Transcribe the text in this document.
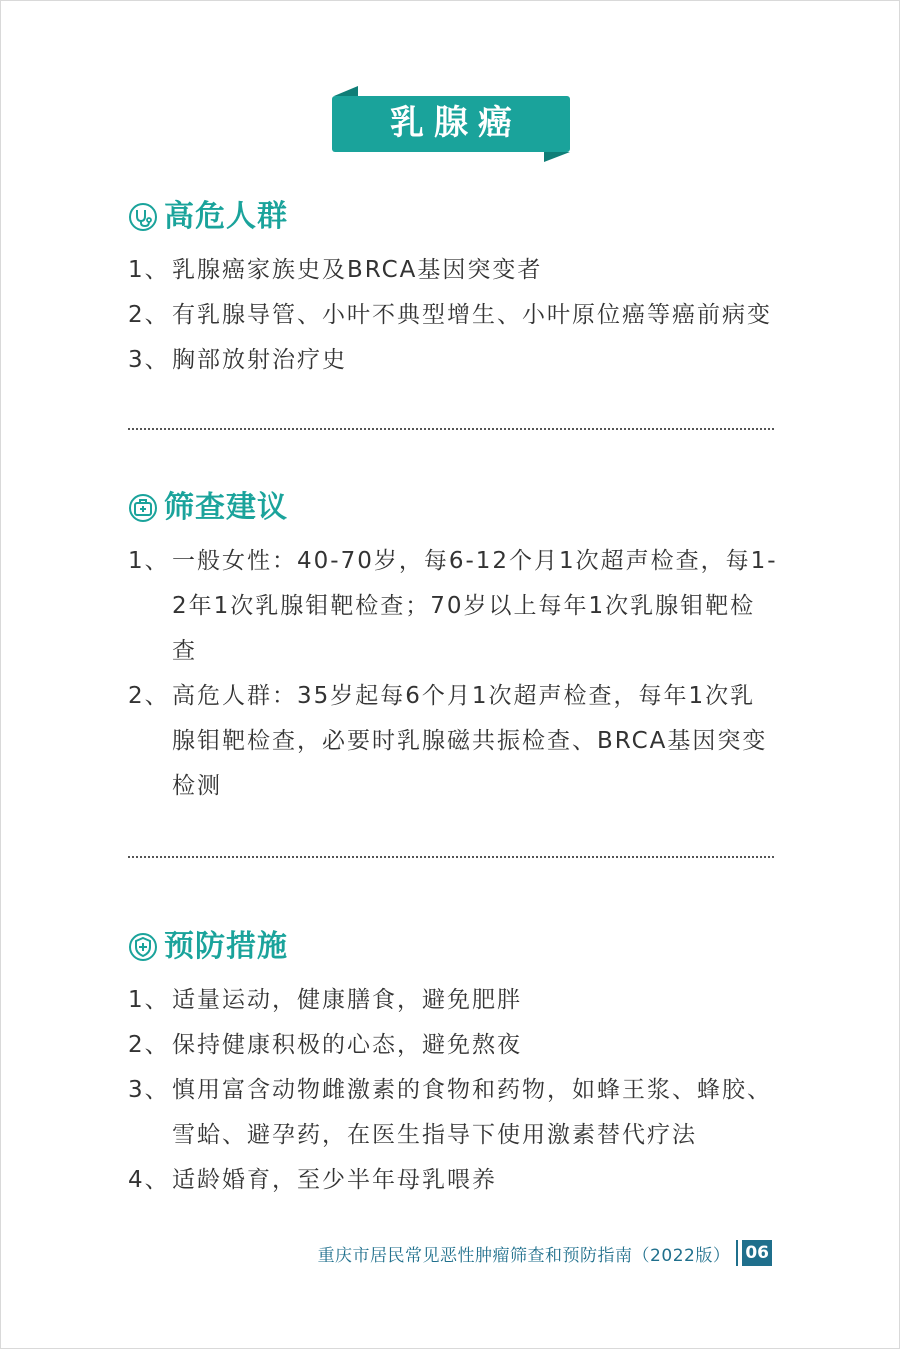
乳腺癌
高危人群
1、 乳腺癌家族史及BRCA基因突变者
2、 有乳腺导管、小叶不典型增生、小叶原位癌等癌前病变
3、 胸部放射治疗史
筛查建议
1、 一般女性：40-70岁，每6-12个月1次超声检查，每1-2年1次乳腺钼靶检查；70岁以上每年1次乳腺钼靶检查
2、 高危人群：35岁起每6个月1次超声检查，每年1次乳腺钼靶检查，必要时乳腺磁共振检查、BRCA基因突变检测
预防措施
1、 适量运动，健康膳食，避免肥胖
2、 保持健康积极的心态，避免熬夜
3、 慎用富含动物雌激素的食物和药物，如蜂王浆、蜂胶、雪蛤、避孕药，在医生指导下使用激素替代疗法
4、 适龄婚育，至少半年母乳喂养
重庆市居民常见恶性肿瘤筛查和预防指南（2022版） 06
